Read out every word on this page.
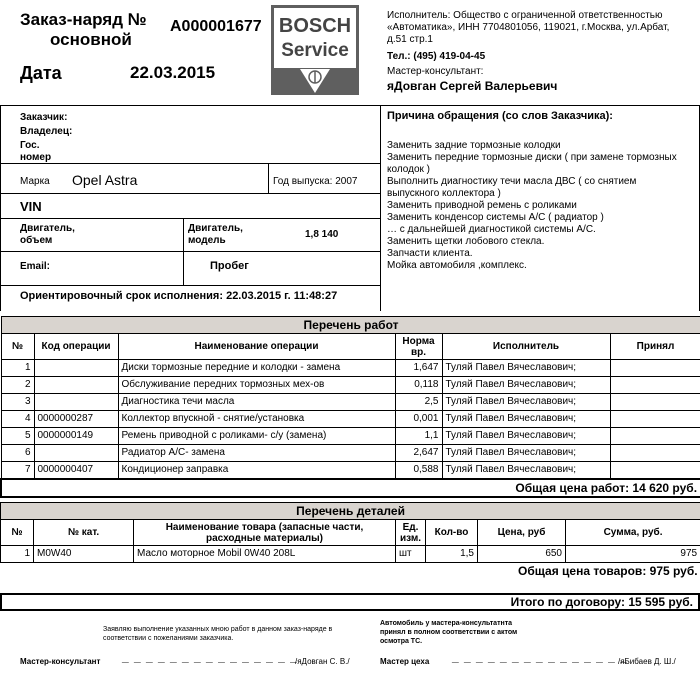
Заказ-наряд №
основной
А000001677
Дата	22.03.2015
BOSCH
Service
Исполнитель: Общество с ограниченной ответственностью
«Автоматика», ИНН 7704801056, 119021, г.Москва, ул.Арбат,
д.51 стр.1
Тел.: (495) 419-04-45
Мастер-консультант:
яДовган Сергей Валерьевич
Заказчик:
Владелец:
Гос.
номер
Марка Opel Astra	Год выпуска: 2007
VIN
Двигатель,
объем
Двигатель,
модель
1,8 140
Email:	Пробег
Ориентировочный срок исполнения: 22.03.2015 г. 11:48:27
Причина обращения (со слов Заказчика):
Заменить задние тормозные колодки
Заменить передние тормозные диски ( при замене тормозных
колодок )
Выполнить диагностику течи масла ДВС ( со снятием
выпускного коллектора )
Заменить приводной ремень с роликами
Заменить конденсор системы А/С ( радиатор )
… с дальнейшей диагностикой системы А/С.
Заменить щетки лобового стекла.
Запчасти клиента.
Мойка автомобиля ,комплекс.
Перечень работ					
№	Код операции	Наименование операции	Норма вр.	Исполнитель	Принял
1		Диски тормозные передние и колодки - замена	1,647	Туляй Павел Вячеславович;	
2		Обслуживание передних тормозных мех-ов	0,118	Туляй Павел Вячеславович;	
3		Диагностика течи масла	2,5	Туляй Павел Вячеславович;	
4	0000000287	Коллектор впускной - снятие/установка	0,001	Туляй Павел Вячеславович;	
5	0000000149	Ремень приводной с роликами- с/у (замена)	1,1	Туляй Павел Вячеславович;	
6		Радиатор A/C- замена	2,647	Туляй Павел Вячеславович;	
7	0000000407	Кондиционер заправка	0,588	Туляй Павел Вячеславович;	
Общая цена работ: 14 620 руб.					
Перечень деталей						
№	№ кат.	Наименование товара (запасные части, расходные материалы)	Ед. изм.	Кол-во	Цена, руб	Сумма, руб.
1	M0W40	Масло моторное Mobil 0W40 208L	шт	1,5	650	975
Общая цена товаров: 975 руб.						
Итого по договору: 15 595 руб.
Заявляю выполнение указанных мною работ в данном заказ-наряде в
соответствии с пожеланиями заказчика.
Автомобиль у мастера-консультатнта
принял в полном соответствии с актом
осмотра ТС.
Мастер-консультант _ _ _ _ _ _ _ _ _ _ _ _ _ _ _
/яДовган С. В./	Мастер цеха _ _ _ _ _ _ _ _ _ _ _ _ _ _ _
/яБибаев Д. Ш./
